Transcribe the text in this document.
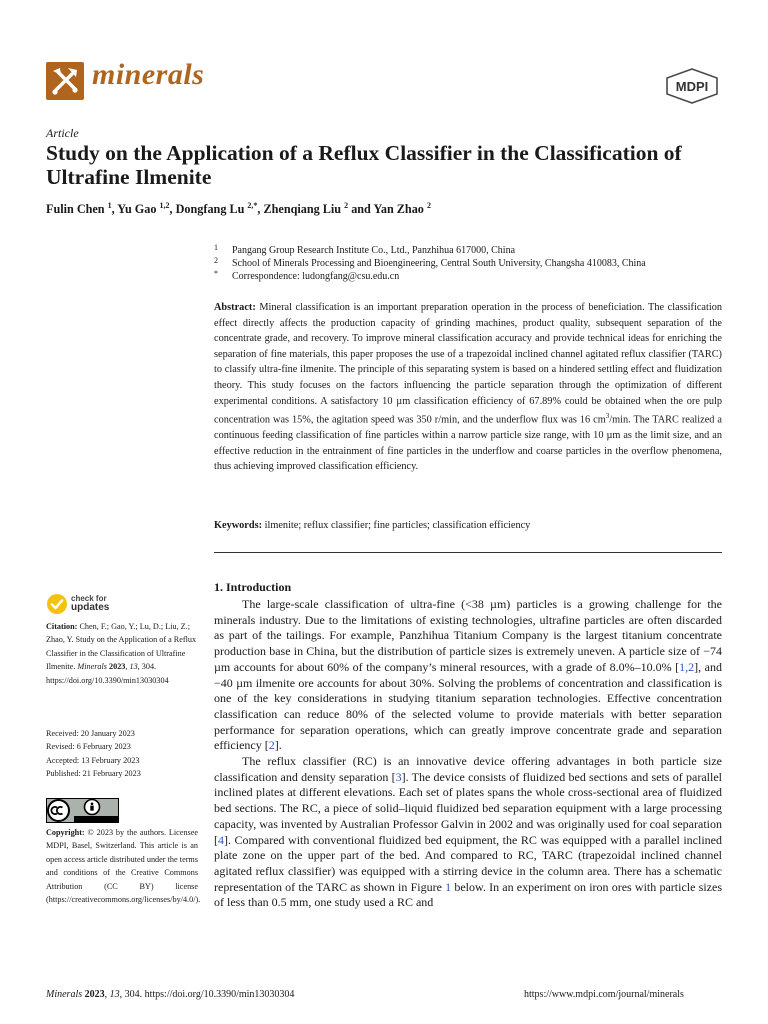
minerals	MDPI
Article
Study on the Application of a Reflux Classifier in the Classification of Ultrafine Ilmenite
Fulin Chen $^1$, Yu Gao $^{1,2}$, Dongfang Lu $^{2,*}$, Zhenqiang Liu $^2$ and Yan Zhao $^2$
1 Pangang Group Research Institute Co., Ltd., Panzhihua 617000, China
2 School of Minerals Processing and Bioengineering, Central South University, Changsha 410083, China
* Correspondence: ludongfang@csu.edu.cn
Abstract: Mineral classification is an important preparation operation in the process of beneficiation. The classification effect directly affects the production capacity of grinding machines, product quality, subsequent separation of the concentrate grade, and recovery. To improve mineral classification accuracy and provide technical ideas for enriching the separation of fine materials, this paper proposes the use of a trapezoidal inclined channel agitated reflux classifier (TARC) to classify ultra-fine ilmenite. The principle of this separating system is based on a hindered settling effect and fluidization theory. This study focuses on the factors influencing the particle separation through the optimization of different experimental conditions. A satisfactory 10 µm classification efficiency of 67.89% could be obtained when the ore pulp concentration was 15%, the agitation speed was 350 r/min, and the underflow flux was 16 $cm^3/\min$. The TARC realized a continuous feeding classification of fine particles within a narrow particle size range, with 10 µm as the limit size, and an effective reduction in the entrainment of fine particles in the underflow and coarse particles in the overflow phenomena, thus achieving improved classification efficiency.
Keywords: ilmenite; reflux classifier; fine particles; classification efficiency
check for
updates
Citation: Chen, F.; Gao, Y.; Lu, D.; Liu, Z.; Zhao, Y. Study on the Application of a Reflux Classifier in the Classification of Ultrafine Ilmenite. Minerals 2023, 13, 304. https://doi.org/10.3390/min13030304
Received: 20 January 2023
Revised: 6 February 2023
Accepted: 13 February 2023
Published: 21 February 2023
Copyright: © 2023 by the authors. Licensee MDPI, Basel, Switzerland. This article is an open access article distributed under the terms and conditions of the Creative Commons Attribution (CC BY) license (https://creativecommons.org/licenses/by/4.0/).
1. Introduction

The large-scale classification of ultra-fine (<38 µm) particles is a growing challenge for the minerals industry. Due to the limitations of existing technologies, ultrafine particles are often discarded as part of the tailings. For example, Panzhihua Titanium Company is the largest titanium concentrate production base in China, but the distribution of particle sizes is extremely uneven. A particle size of −74 µm accounts for about 60% of the company’s mineral resources, with a grade of 8.0%–10.0% [1,2], and −40 µm ilmenite ore accounts for about 30%. Solving the problems of concentration and classification is one of the key considerations in studying titanium separation technologies. Effective concentration classification can reduce 80% of the selected volume to provide materials with better separation performance for separation operations, which can greatly improve concentrate grade and separation efficiency [2].

The reflux classifier (RC) is an innovative device offering advantages in both particle size classification and density separation [3]. The device consists of fluidized bed sections and sets of parallel inclined plates at different elevations. Each set of plates spans the whole cross-sectional area of fluidized bed sections. The RC, a piece of solid–liquid fluidized bed separation equipment with a large processing capacity, was invented by Australian Professor Galvin in 2002 and was originally used for coal separation [4]. Compared with conventional fluidized bed equipment, the RC was equipped with a parallel inclined plate zone on the upper part of the bed. And compared to RC, TARC (trapezoidal inclined channel agitated reflux classifier) was equipped with a stirring device in the column area. There has a schematic representation of the TARC as shown in Figure 1 below. In an experiment on iron ores with particle sizes of less than 0.5 mm, one study used a RC and

Minerals 2023, 13, 304. https://doi.org/10.3390/min13030304	https://www.mdpi.com/journal/minerals
